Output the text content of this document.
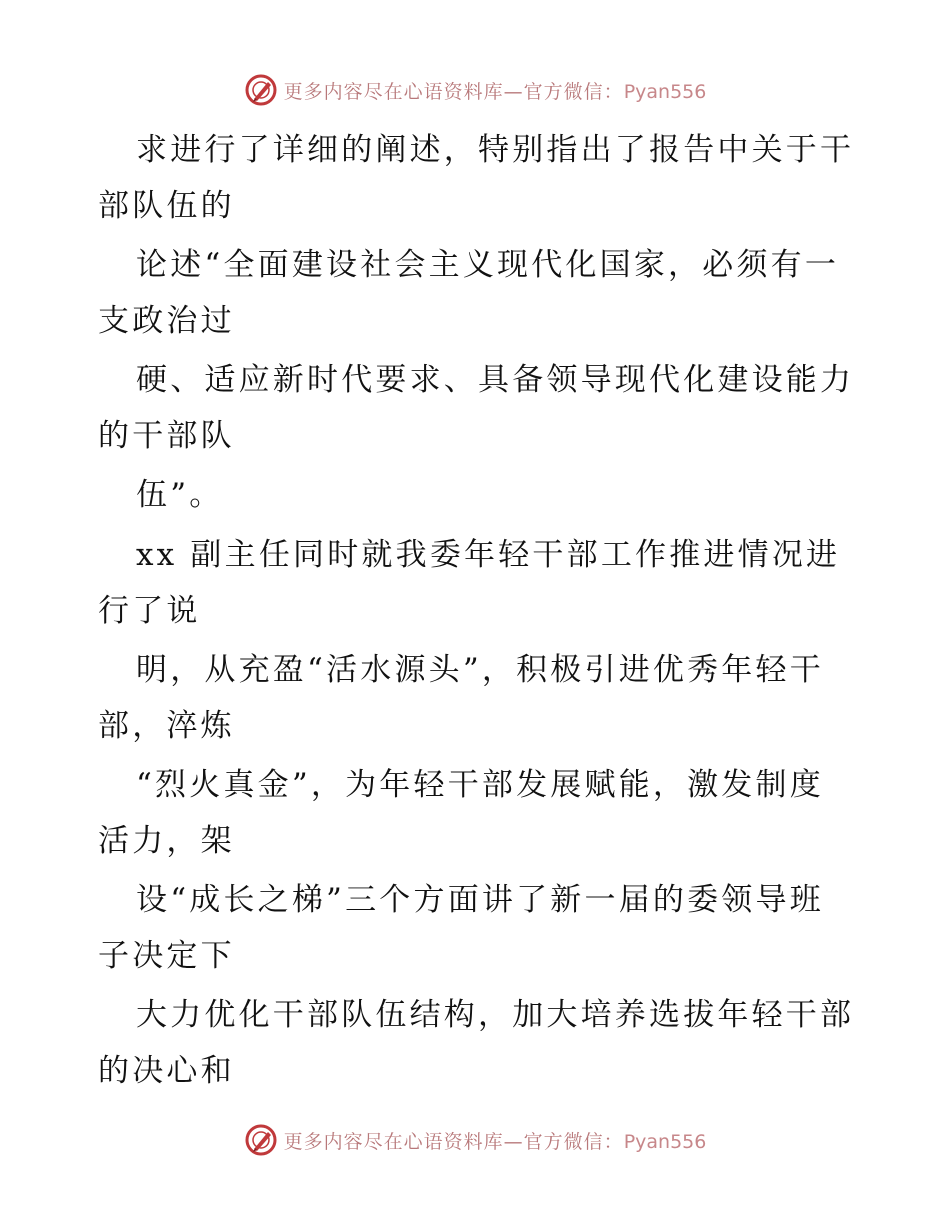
更多内容尽在心语资料库—官方微信：Pyan556
求进行了详细的阐述，特别指出了报告中关于干
部队伍的
论述“全面建设社会主义现代化国家，必须有一
支政治过
硬、适应新时代要求、具备领导现代化建设能力
的干部队
伍”。
xx 副主任同时就我委年轻干部工作推进情况进
行了说
明，从充盈“活水源头”，积极引进优秀年轻干
部，淬炼
“烈火真金”，为年轻干部发展赋能，激发制度
活力，架
设“成长之梯”三个方面讲了新一届的委领导班
子决定下
大力优化干部队伍结构，加大培养选拔年轻干部
的决心和
更多内容尽在心语资料库—官方微信：Pyan556
